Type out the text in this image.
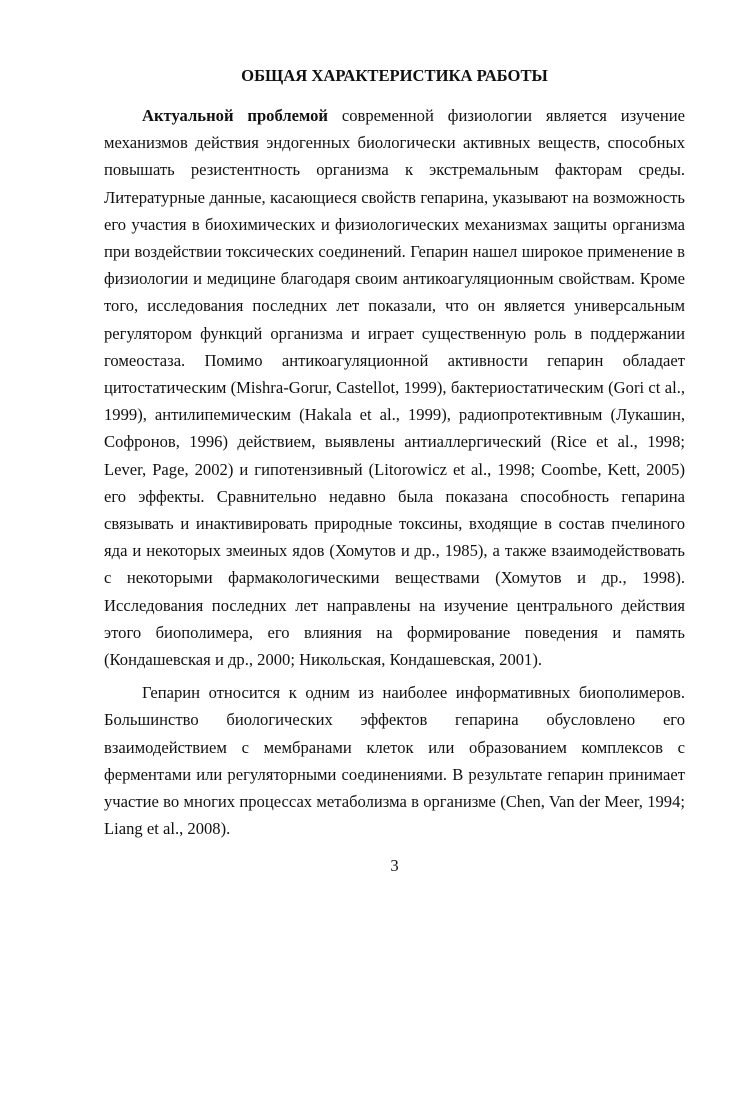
ОБЩАЯ ХАРАКТЕРИСТИКА РАБОТЫ

Актуальной проблемой современной физиологии является изучение механизмов действия эндогенных биологически активных веществ, способных повышать резистентность организма к экстремальным факторам среды. Литературные данные, касающиеся свойств гепарина, указывают на возможность его участия в биохимических и физиологических механизмах защиты организма при воздействии токсических соединений. Гепарин нашел широкое применение в физиологии и медицине благодаря своим антикоагуляционным свойствам. Кроме того, исследования последних лет показали, что он является универсальным регулятором функций организма и играет существенную роль в поддержании гомеостаза. Помимо антикоагуляционной активности гепарин обладает цитостатическим (Mishra-Gorur, Castellot, 1999), бактериостатическим (Gori ct al., 1999), антилипемическим (Hakala et al., 1999), радиопротективным (Лукашин, Софронов, 1996) действием, выявлены антиаллергический (Rice et al., 1998; Lever, Page, 2002) и гипотензивный (Litorowicz et al., 1998; Coombe, Kett, 2005) его эффекты. Сравнительно недавно была показана способность гепарина связывать и инактивировать природные токсины, входящие в состав пчелиного яда и некоторых змеиных ядов (Хомутов и др., 1985), а также взаимодействовать с некоторыми фармакологическими веществами (Хомутов и др., 1998). Исследования последних лет направлены на изучение центрального действия этого биополимера, его влияния на формирование поведения и память (Кондашевская и др., 2000; Никольская, Кондашевская, 2001).

Гепарин относится к одним из наиболее информативных биополимеров. Большинство биологических эффектов гепарина обусловлено его взаимодействием с мембранами клеток или образованием комплексов с ферментами или регуляторными соединениями. В результате гепарин принимает участие во многих процессах метаболизма в организме (Chen, Van der Meer, 1994; Liang et al., 2008).

3
